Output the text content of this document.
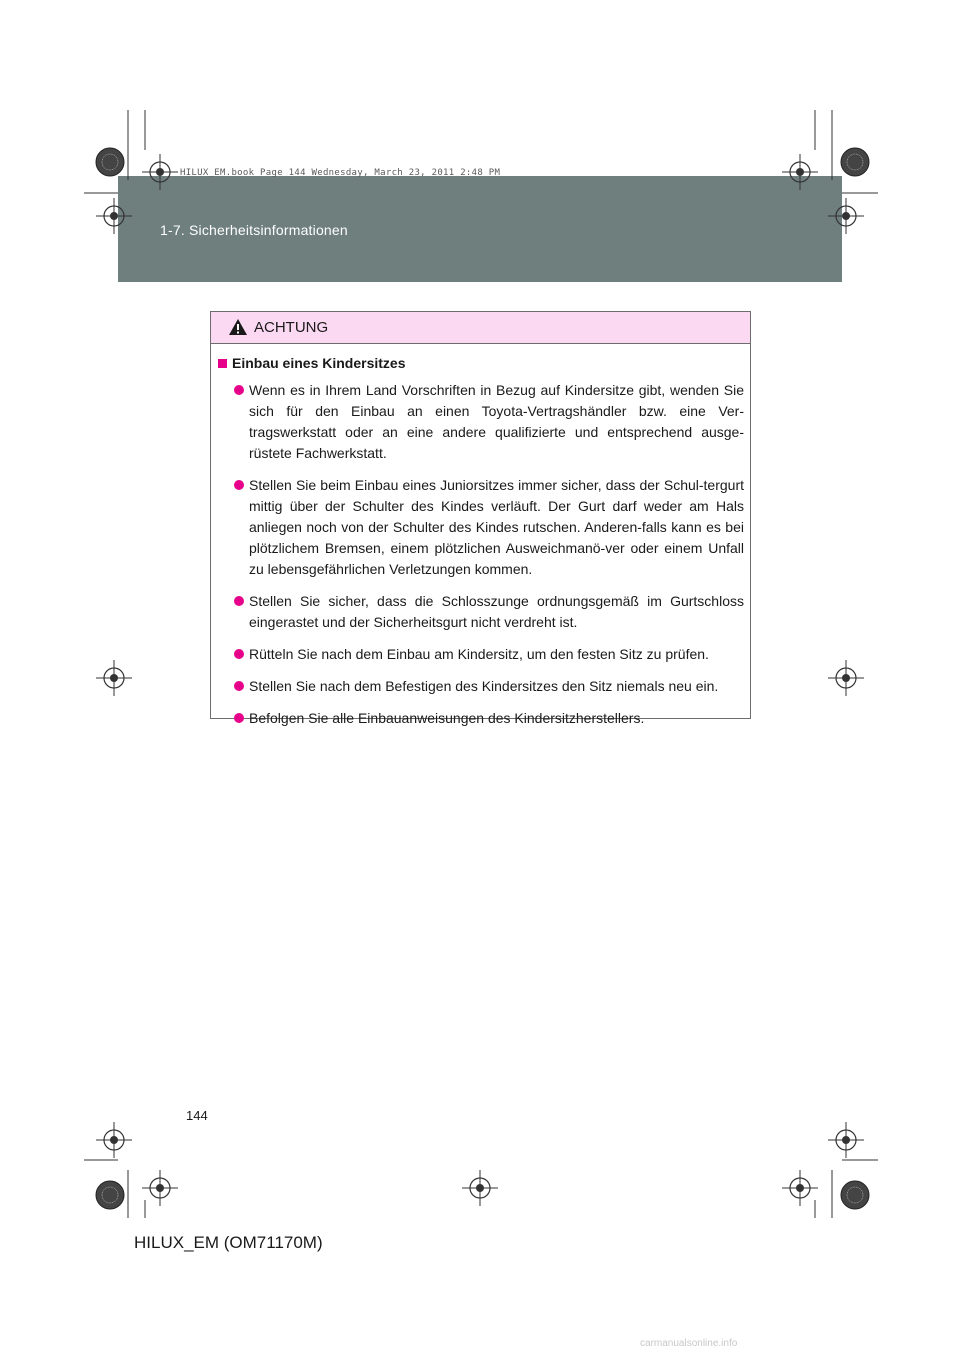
1-7. Sicherheitsinformationen
HILUX_EM.book Page 144 Wednesday, March 23, 2011 2:48 PM
ACHTUNG
Einbau eines Kindersitzes
Wenn es in Ihrem Land Vorschriften in Bezug auf Kindersitze gibt, wenden Sie sich für den Einbau an einen Toyota-Vertragshändler bzw. eine Ver-tragswerkstatt oder an eine andere qualifizierte und entsprechend ausge-rüstete Fachwerkstatt.
Stellen Sie beim Einbau eines Juniorsitzes immer sicher, dass der Schul-tergurt mittig über der Schulter des Kindes verläuft. Der Gurt darf weder am Hals anliegen noch von der Schulter des Kindes rutschen. Anderen-falls kann es bei plötzlichem Bremsen, einem plötzlichen Ausweichmanö-ver oder einem Unfall zu lebensgefährlichen Verletzungen kommen.
Stellen Sie sicher, dass die Schlosszunge ordnungsgemäß im Gurtschloss eingerastet und der Sicherheitsgurt nicht verdreht ist.
Rütteln Sie nach dem Einbau am Kindersitz, um den festen Sitz zu prüfen.
Stellen Sie nach dem Befestigen des Kindersitzes den Sitz niemals neu ein.
Befolgen Sie alle Einbauanweisungen des Kindersitzherstellers.
144
HILUX_EM (OM71170M)
carmanualsonline.info
